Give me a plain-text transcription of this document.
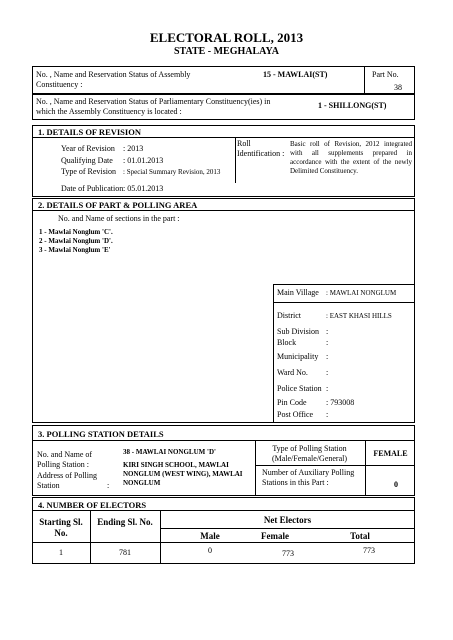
ELECTORAL ROLL, 2013
STATE - MEGHALAYA
No. , Name and Reservation Status of Assembly Constituency :
15 - MAWLAI(ST)	Part No.
38
No. , Name and Reservation Status of Parliamentary Constituency(ies) in which the Assembly Constituency is located :
1 - SHILLONG(ST)
1. DETAILS OF REVISION
Year of Revision : 2013
Qualifying Date : 01.01.2013
Type of Revision : Special Summary Revision, 2013
Date of Publication : 05.01.2013
Roll Identification :
Basic roll of Revision, 2012 integrated with all supplements prepared in accordance with the extent of the newly Delimited Constituency.
2. DETAILS OF PART & POLLING AREA
No. and Name of sections in the part :
1 - Mawlai Nonglum 'C'.
2 - Mawlai Nonglum 'D'.
3 - Mawlai Nonglum 'E'
Main Village : MAWLAI NONGLUM
District	: EAST KHASI HILLS
Sub Division :
Block	:
Municipality :
Ward No. :
Police Station :
Pin Code : 793008
Post Office :
3. POLLING STATION DETAILS
No. and Name of Polling Station :
38 - MAWLAI NONGLUM 'D'
Address of Polling Station	:
KIRI SINGH SCHOOL, MAWLAI NONGLUM (WEST WING), MAWLAI NONGLUM
Type of Polling Station (Male/Female/General)
FEMALE
Number of Auxiliary Polling Stations in this Part :	0
4. NUMBER OF ELECTORS
Starting Sl. No.
Ending Sl. No.	Net Electors
Male	Female	Total
1	781	0	773	773
